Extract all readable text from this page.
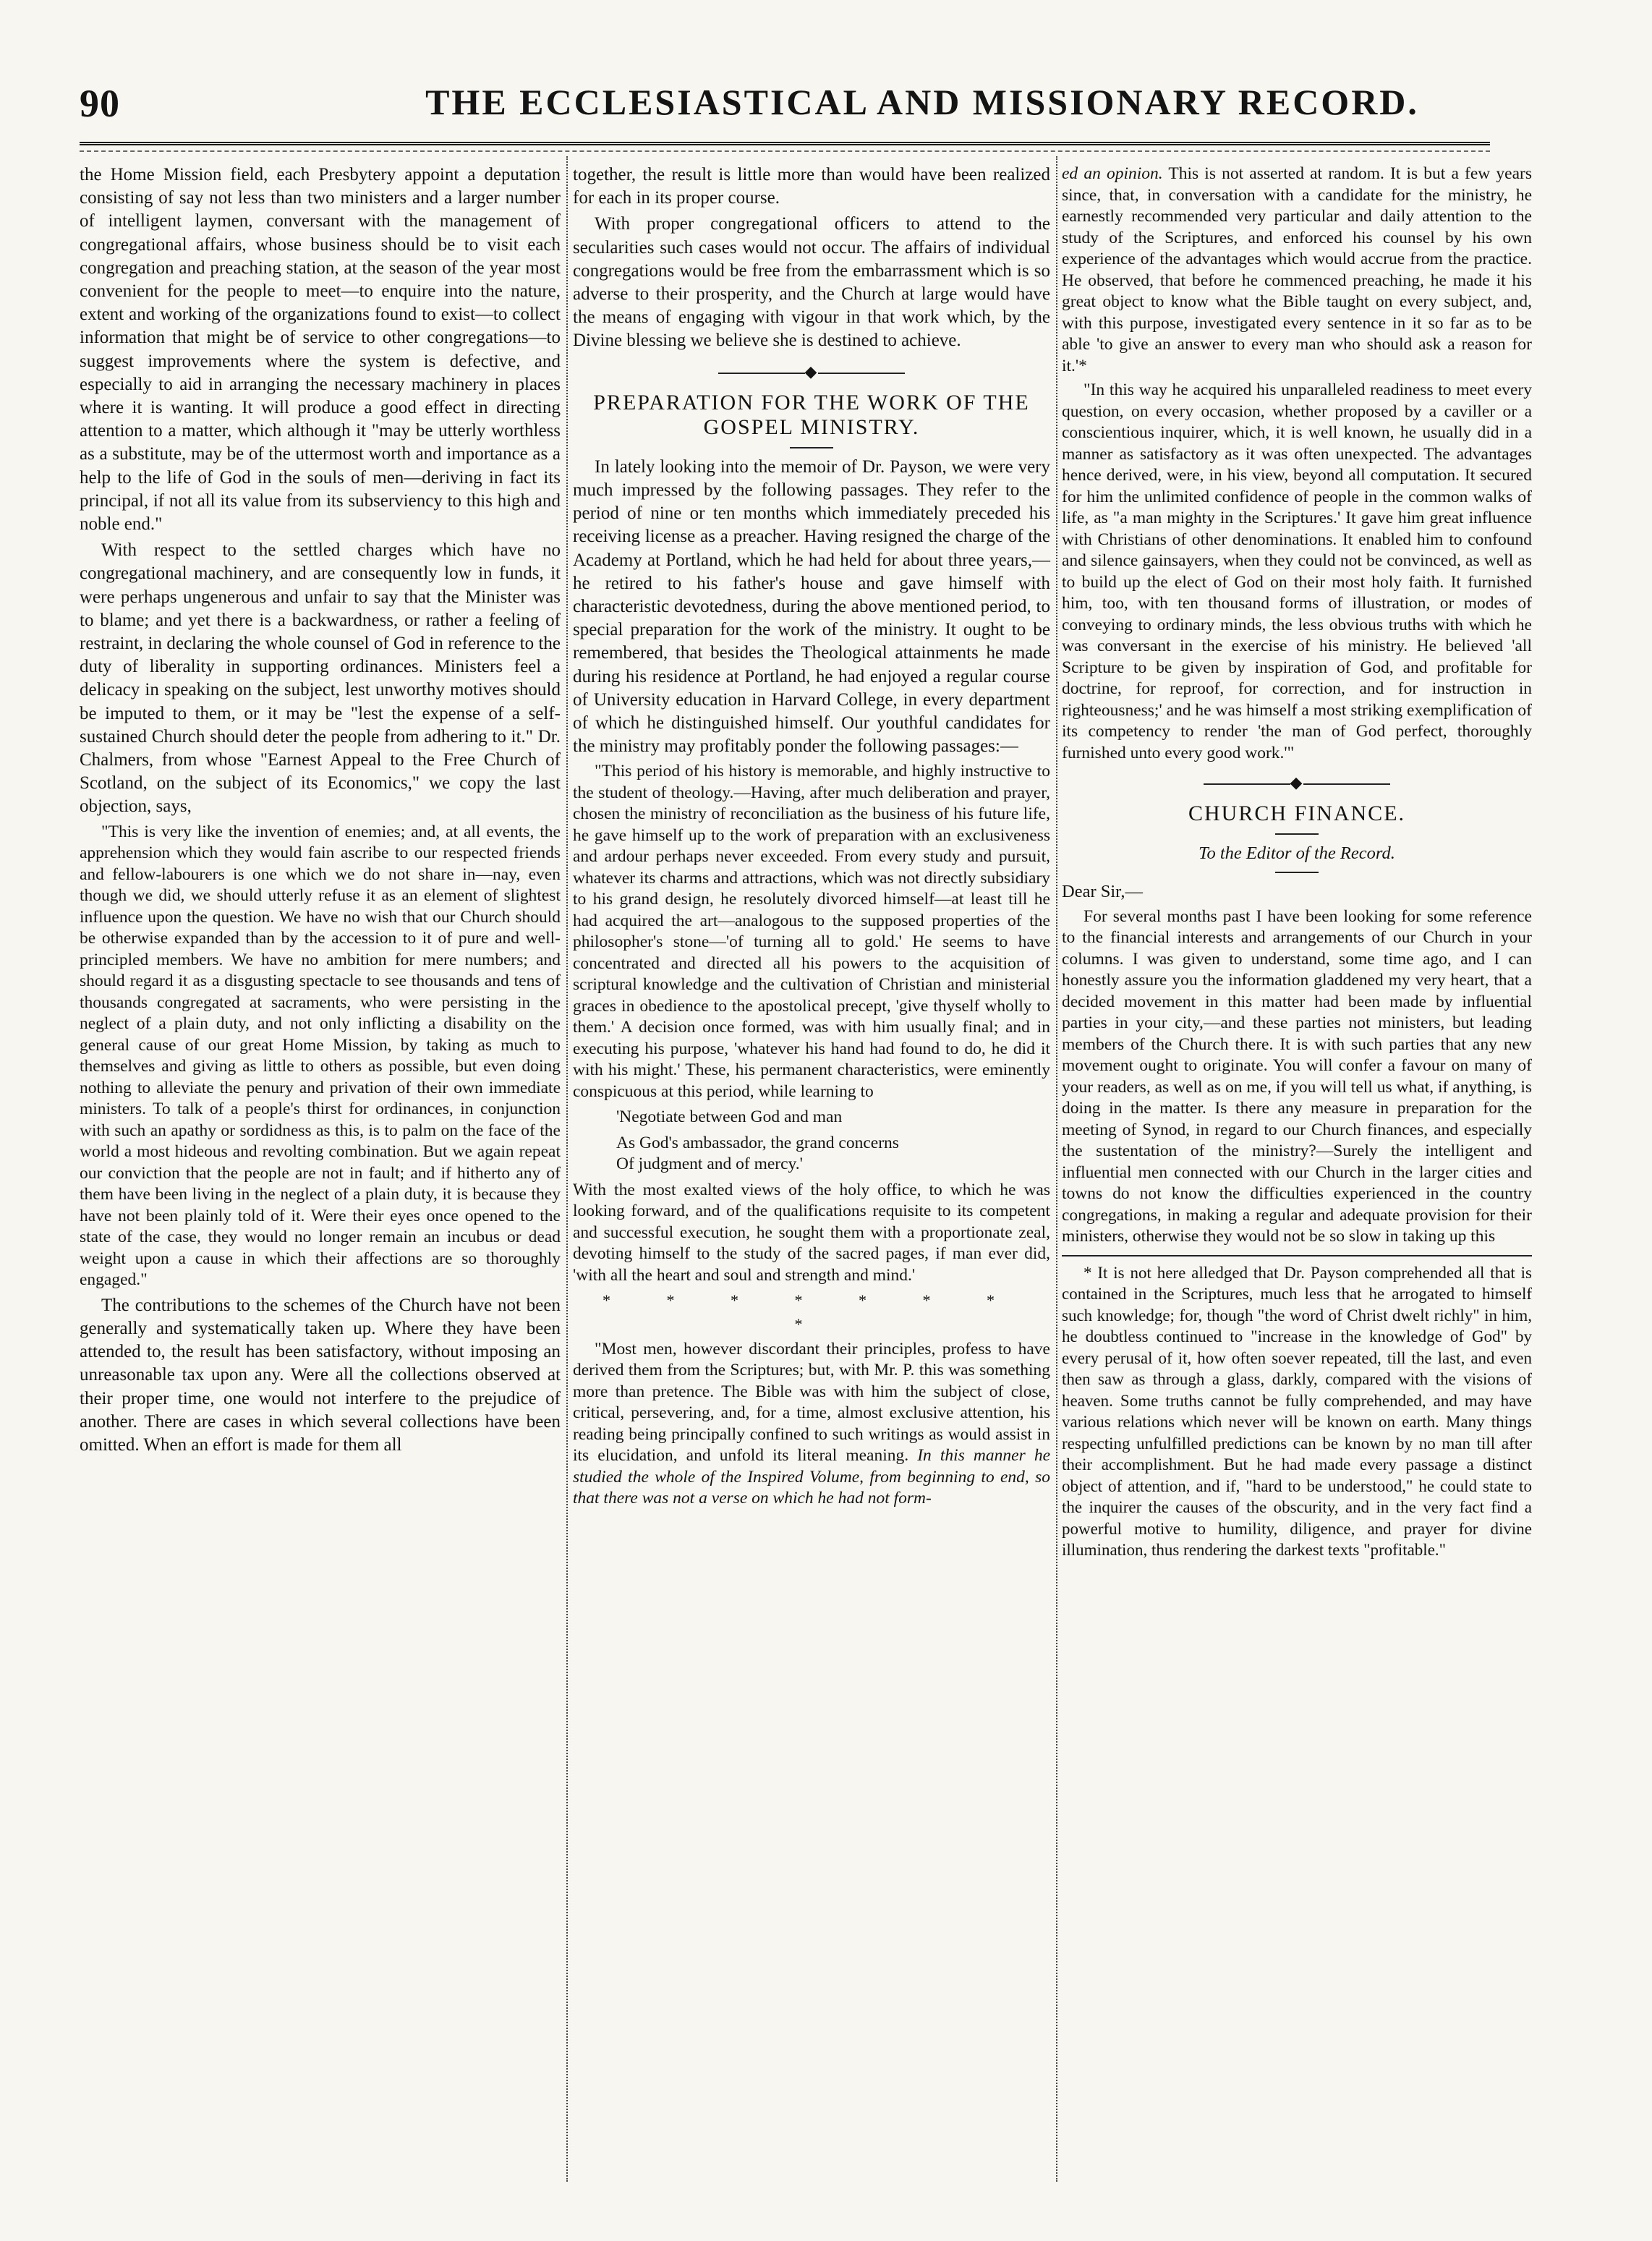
90	THE ECCLESIASTICAL AND MISSIONARY RECORD.

the Home Mission field, each Presbytery appoint a deputation consisting of say not less than two ministers and a larger number of intelligent laymen, conversant with the management of congregational affairs, whose business should be to visit each congregation and preaching station, at the season of the year most convenient for the people to meet—to enquire into the nature, extent and working of the organizations found to exist—to collect information that might be of service to other congregations—to suggest improvements where the system is defective, and especially to aid in arranging the necessary machinery in places where it is wanting. It will produce a good effect in directing attention to a matter, which although it "may be utterly worthless as a substitute, may be of the uttermost worth and importance as a help to the life of God in the souls of men—deriving in fact its principal, if not all its value from its subserviency to this high and noble end."

With respect to the settled charges which have no congregational machinery, and are consequently low in funds, it were perhaps ungenerous and unfair to say that the Minister was to blame; and yet there is a backwardness, or rather a feeling of restraint, in declaring the whole counsel of God in reference to the duty of liberality in supporting ordinances. Ministers feel a delicacy in speaking on the subject, lest unworthy motives should be imputed to them, or it may be "lest the expense of a self-sustained Church should deter the people from adhering to it." Dr. Chalmers, from whose "Earnest Appeal to the Free Church of Scotland, on the subject of its Economics," we copy the last objection, says,

"This is very like the invention of enemies; and, at all events, the apprehension which they would fain ascribe to our respected friends and fellow-labourers is one which we do not share in—nay, even though we did, we should utterly refuse it as an element of slightest influence upon the question. We have no wish that our Church should be otherwise expanded than by the accession to it of pure and well-principled members. We have no ambition for mere numbers; and should regard it as a disgusting spectacle to see thousands and tens of thousands congregated at sacraments, who were persisting in the neglect of a plain duty, and not only inflicting a disability on the general cause of our great Home Mission, by taking as much to themselves and giving as little to others as possible, but even doing nothing to alleviate the penury and privation of their own immediate ministers. To talk of a people's thirst for ordinances, in conjunction with such an apathy or sordidness as this, is to palm on the face of the world a most hideous and revolting combination. But we again repeat our conviction that the people are not in fault; and if hitherto any of them have been living in the neglect of a plain duty, it is because they have not been plainly told of it. Were their eyes once opened to the state of the case, they would no longer remain an incubus or dead weight upon a cause in which their affections are so thoroughly engaged."

The contributions to the schemes of the Church have not been generally and systematically taken up. Where they have been attended to, the result has been satisfactory, without imposing an unreasonable tax upon any. Were all the collections observed at their proper time, one would not interfere to the prejudice of another. There are cases in which several collections have been omitted. When an effort is made for them all

together, the result is little more than would have been realized for each in its proper course.

With proper congregational officers to attend to the secularities such cases would not occur. The affairs of individual congregations would be free from the embarrassment which is so adverse to their prosperity, and the Church at large would have the means of engaging with vigour in that work which, by the Divine blessing we believe she is destined to achieve.

◆
PREPARATION FOR THE WORK OF THE GOSPEL MINISTRY.

In lately looking into the memoir of Dr. Payson, we were very much impressed by the following passages. They refer to the period of nine or ten months which immediately preceded his receiving license as a preacher. Having resigned the charge of the Academy at Portland, which he had held for about three years,—he retired to his father's house and gave himself with characteristic devotedness, during the above mentioned period, to special preparation for the work of the ministry. It ought to be remembered, that besides the Theological attainments he made during his residence at Portland, he had enjoyed a regular course of University education in Harvard College, in every department of which he distinguished himself. Our youthful candidates for the ministry may profitably ponder the following passages:—

"This period of his history is memorable, and highly instructive to the student of theology.—Having, after much deliberation and prayer, chosen the ministry of reconciliation as the business of his future life, he gave himself up to the work of preparation with an exclusiveness and ardour perhaps never exceeded. From every study and pursuit, whatever its charms and attractions, which was not directly subsidiary to his grand design, he resolutely divorced himself—at least till he had acquired the art—analogous to the supposed properties of the philosopher's stone—'of turning all to gold.' He seems to have concentrated and directed all his powers to the acquisition of scriptural knowledge and the cultivation of Christian and ministerial graces in obedience to the apostolical precept, 'give thyself wholly to them.' A decision once formed, was with him usually final; and in executing his purpose, 'whatever his hand had found to do, he did it with his might.' These, his permanent characteristics, were eminently conspicuous at this period, while learning to

'Negotiate between God and man
As God's ambassador, the grand concerns
Of judgment and of mercy.'

With the most exalted views of the holy office, to which he was looking forward, and of the qualifications requisite to its competent and successful execution, he sought them with a proportionate zeal, devoting himself to the study of the sacred pages, if man ever did, 'with all the heart and soul and strength and mind.'

* * * * * * * *

"Most men, however discordant their principles, profess to have derived them from the Scriptures; but, with Mr. P. this was something more than pretence. The Bible was with him the subject of close, critical, persevering, and, for a time, almost exclusive attention, his reading being principally confined to such writings as would assist in its elucidation, and unfold its literal meaning. In this manner he studied the whole of the Inspired Volume, from beginning to end, so that there was not a verse on which he had not form-

ed an opinion. This is not asserted at random. It is but a few years since, that, in conversation with a candidate for the ministry, he earnestly recommended very particular and daily attention to the study of the Scriptures, and enforced his counsel by his own experience of the advantages which would accrue from the practice. He observed, that before he commenced preaching, he made it his great object to know what the Bible taught on every subject, and, with this purpose, investigated every sentence in it so far as to be able 'to give an answer to every man who should ask a reason for it.'*

"In this way he acquired his unparalleled readiness to meet every question, on every occasion, whether proposed by a caviller or a conscientious inquirer, which, it is well known, he usually did in a manner as satisfactory as it was often unexpected. The advantages hence derived, were, in his view, beyond all computation. It secured for him the unlimited confidence of people in the common walks of life, as "a man mighty in the Scriptures.' It gave him great influence with Christians of other denominations. It enabled him to confound and silence gainsayers, when they could not be convinced, as well as to build up the elect of God on their most holy faith. It furnished him, too, with ten thousand forms of illustration, or modes of conveying to ordinary minds, the less obvious truths with which he was conversant in the exercise of his ministry. He believed 'all Scripture to be given by inspiration of God, and profitable for doctrine, for reproof, for correction, and for instruction in righteousness;' and he was himself a most striking exemplification of its competency to render 'the man of God perfect, thoroughly furnished unto every good work.'"

◆
CHURCH FINANCE.
To the Editor of the Record.

Dear Sir,—

For several months past I have been looking for some reference to the financial interests and arrangements of our Church in your columns. I was given to understand, some time ago, and I can honestly assure you the information gladdened my very heart, that a decided movement in this matter had been made by influential parties in your city,—and these parties not ministers, but leading members of the Church there. It is with such parties that any new movement ought to originate. You will confer a favour on many of your readers, as well as on me, if you will tell us what, if anything, is doing in the matter. Is there any measure in preparation for the meeting of Synod, in regard to our Church finances, and especially the sustentation of the ministry?—Surely the intelligent and influential men connected with our Church in the larger cities and towns do not know the difficulties experienced in the country congregations, in making a regular and adequate provision for their ministers, otherwise they would not be so slow in taking up this

* It is not here alledged that Dr. Payson comprehended all that is contained in the Scriptures, much less that he arrogated to himself such knowledge; for, though "the word of Christ dwelt richly" in him, he doubtless continued to "increase in the knowledge of God" by every perusal of it, how often soever repeated, till the last, and even then saw as through a glass, darkly, compared with the visions of heaven. Some truths cannot be fully comprehended, and may have various relations which never will be known on earth. Many things respecting unfulfilled predictions can be known by no man till after their accomplishment. But he had made every passage a distinct object of attention, and if, "hard to be understood," he could state to the inquirer the causes of the obscurity, and in the very fact find a powerful motive to humility, diligence, and prayer for divine illumination, thus rendering the darkest texts "profitable."
